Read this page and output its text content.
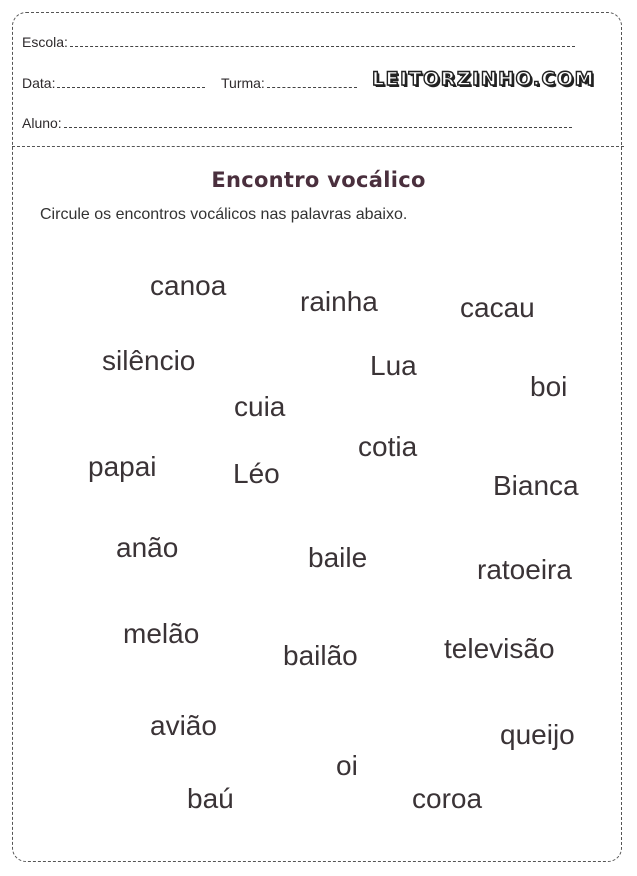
Escola:
Data:	Turma:	LEITORZINHO.COM
Aluno:
Encontro vocálico
Circule os encontros vocálicos nas palavras abaixo.
canoa
rainha	cacau
silêncio	Lua
boi
cuia
cotia
papai	Léo	Bianca
anão	baile	ratoeira
melão
bailão	televisão
avião	queijo
oi
baú	coroa
